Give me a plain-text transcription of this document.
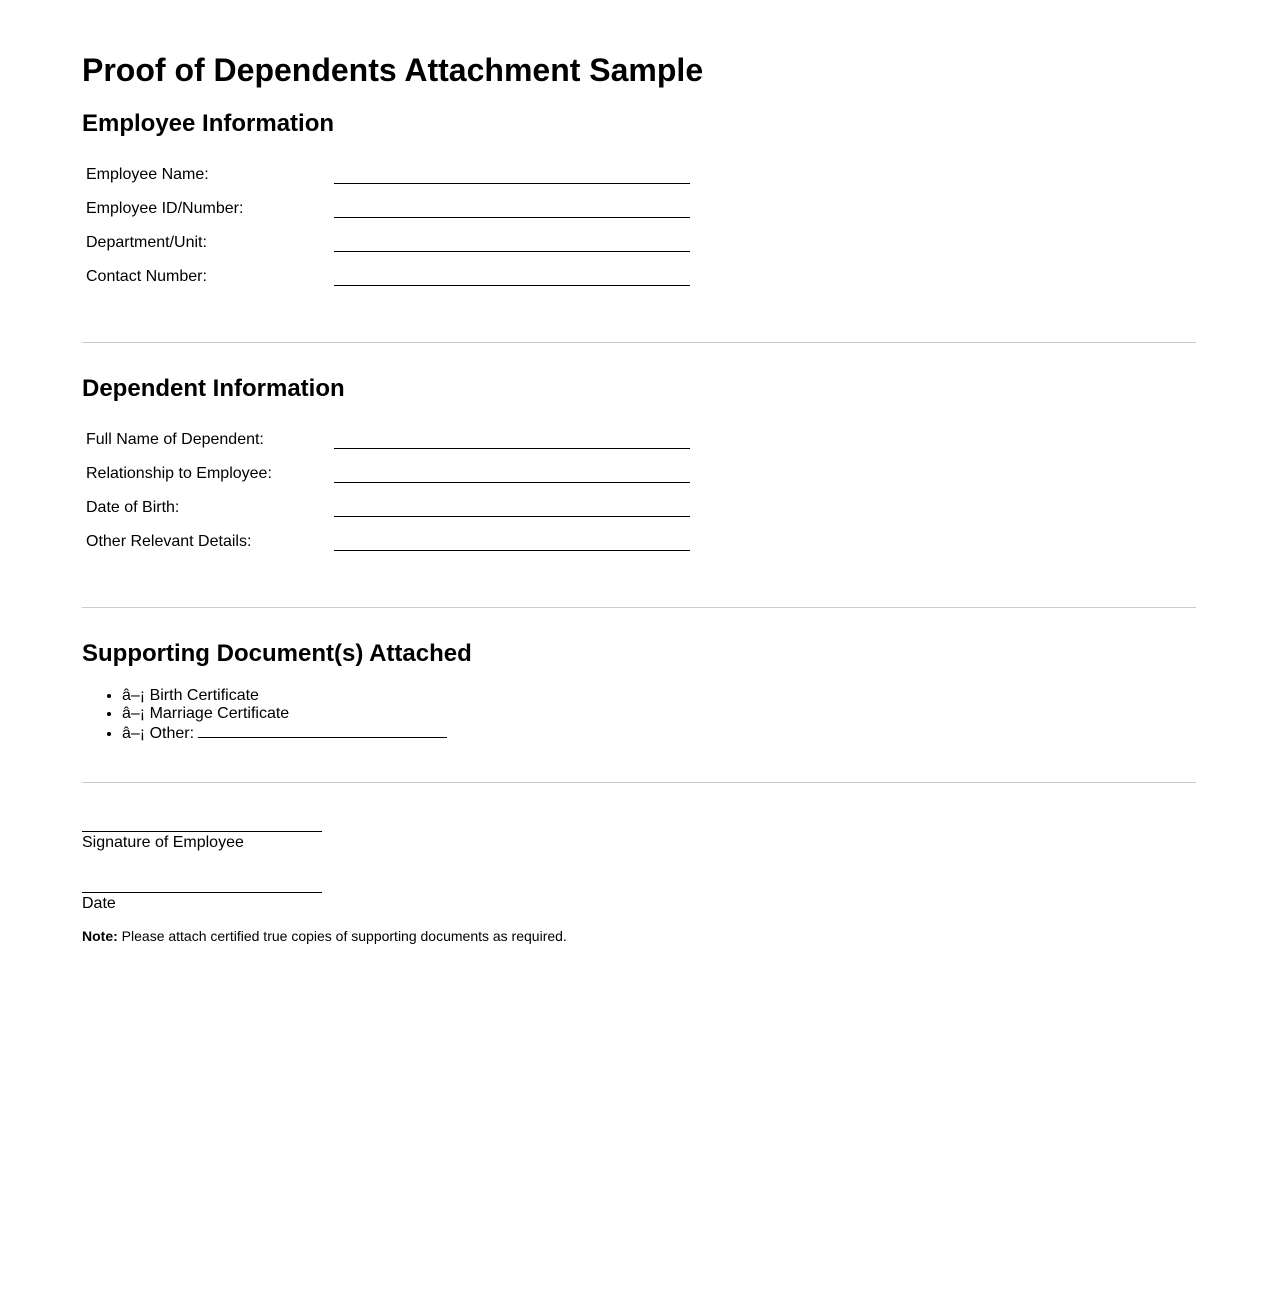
Proof of Dependents Attachment Sample
Employee Information
Employee Name:
Employee ID/Number:
Department/Unit:
Contact Number:
Dependent Information
Full Name of Dependent:
Relationship to Employee:
Date of Birth:
Other Relevant Details:
Supporting Document(s) Attached
• â–¡ Birth Certificate
• â–¡ Marriage Certificate
• â–¡ Other:
Signature of Employee
Date
Note: Please attach certified true copies of supporting documents as required.
